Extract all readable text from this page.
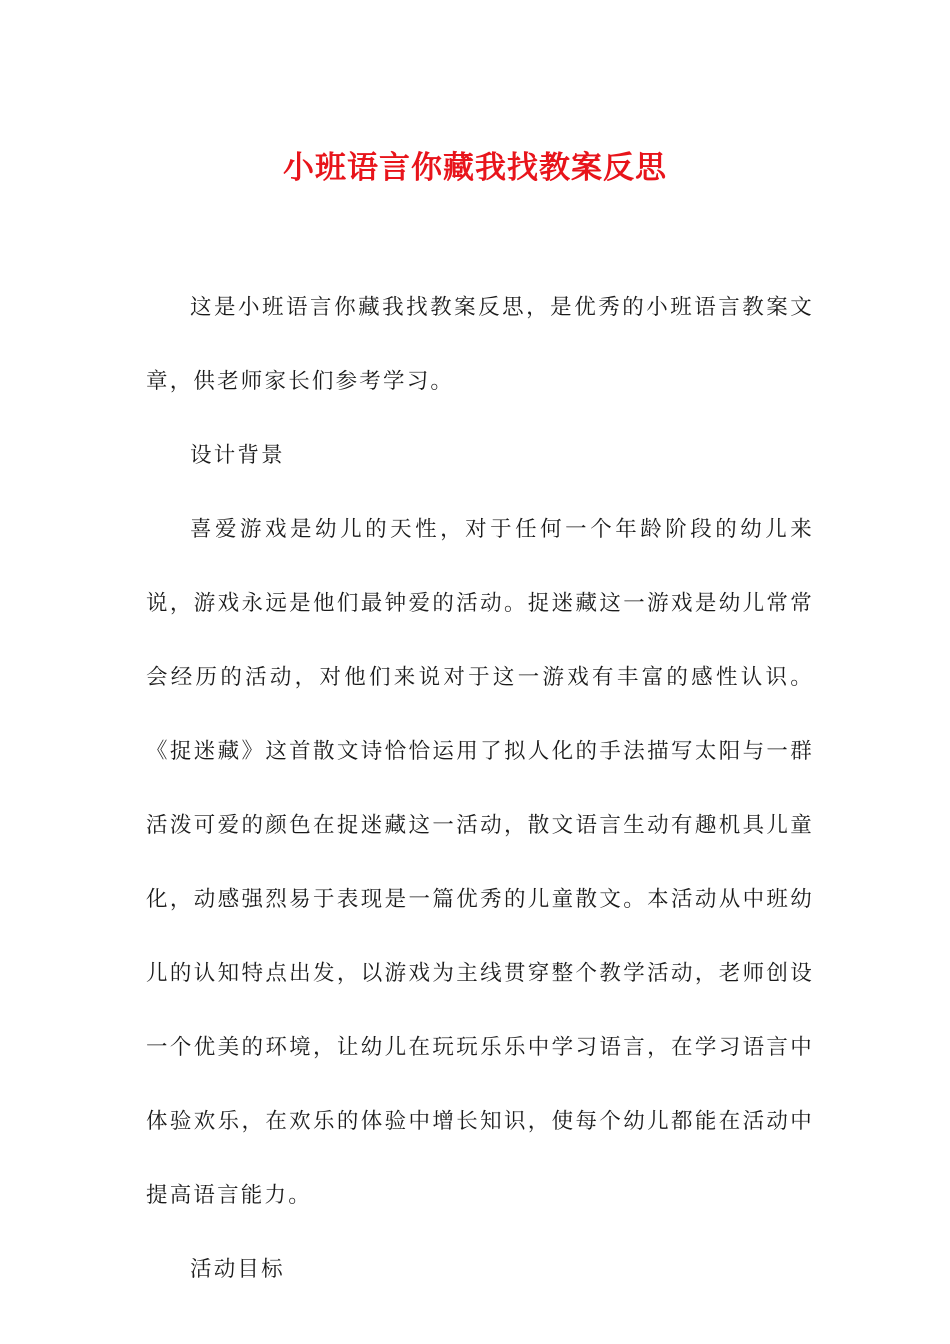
小班语言你藏我找教案反思

这是小班语言你藏我找教案反思，是优秀的小班语言教案文章，供老师家长们参考学习。

设计背景

喜爱游戏是幼儿的天性，对于任何一个年龄阶段的幼儿来说，游戏永远是他们最钟爱的活动。捉迷藏这一游戏是幼儿常常会经历的活动，对他们来说对于这一游戏有丰富的感性认识。《捉迷藏》这首散文诗恰恰运用了拟人化的手法描写太阳与一群活泼可爱的颜色在捉迷藏这一活动，散文语言生动有趣机具儿童化，动感强烈易于表现是一篇优秀的儿童散文。本活动从中班幼儿的认知特点出发，以游戏为主线贯穿整个教学活动，老师创设一个优美的环境，让幼儿在玩玩乐乐中学习语言，在学习语言中体验欢乐，在欢乐的体验中增长知识，使每个幼儿都能在活动中提高语言能力。

活动目标
